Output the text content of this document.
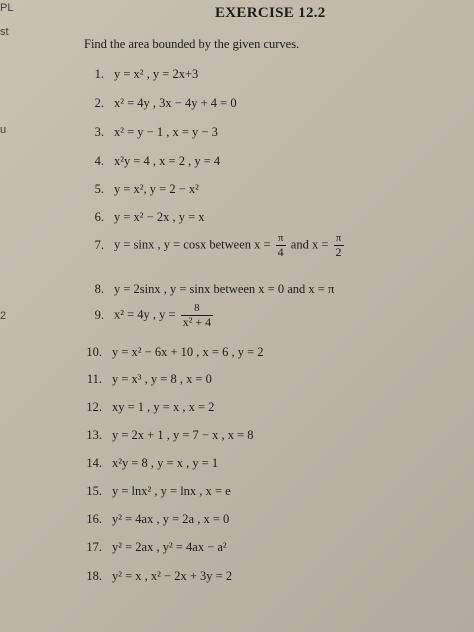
PL
st
u
2
EXERCISE 12.2
Find the area bounded by the given curves.
1. y = x² , y = 2x+3
2. x² = 4y , 3x − 4y + 4 = 0
3. x² = y − 1 , x = y − 3
4. x²y = 4 , x = 2 , y = 4
5. y = x², y = 2 − x²
6. y = x² − 2x , y = x
7. y = sinx , y = cosx between $x = \frac{\pi}{4}$ and $x = \frac{\pi}{2}$
8. y = 2sinx , y = sinx between x = 0 and x = π
9. x² = 4y , $y = \frac{8}{\text{x² + 4}}$
10. y = x² − 6x + 10 , x = 6 , y = 2
11. y = x³ , y = 8 , x = 0
12. xy = 1 , y = x , x = 2
13. y = 2x + 1 , y = 7 − x , x = 8
14. x²y = 8 , y = x , y = 1
15. y = lnx² , y = lnx , x = e
16. y² = 4ax , y = 2a , x = 0
17. y² = 2ax , y² = 4ax − a²
18. y² = x , x² − 2x + 3y = 2
